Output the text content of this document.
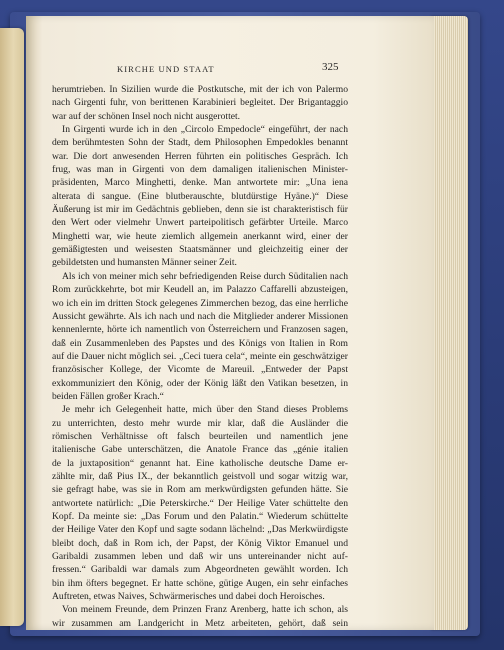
KIRCHE UND STAAT	325
herumtrieben. In Sizilien wurde die Postkutsche, mit der ich von Palermo
nach Girgenti fuhr, von berittenen Karabinieri begleitet. Der Brigantaggio
war auf der schönen Insel noch nicht ausgerottet.
In Girgenti wurde ich in den „Circolo Empedocle“ eingeführt, der nach
dem berühmtesten Sohn der Stadt, dem Philosophen Empedokles benannt
war. Die dort anwesenden Herren führten ein politisches Gespräch. Ich
frug, was man in Girgenti von dem damaligen italienischen Minister-
präsidenten, Marco Minghetti, denke. Man antwortete mir: „Una iena
alterata di sangue. (Eine blutberauschte, blutdürstige Hyäne.)“ Diese
Äußerung ist mir im Gedächtnis geblieben, denn sie ist charakteristisch für
den Wert oder vielmehr Unwert parteipolitisch gefärbter Urteile. Marco
Minghetti war, wie heute ziemlich allgemein anerkannt wird, einer der
gemäßigtesten und weisesten Staatsmänner und gleichzeitig einer der
gebildetsten und humansten Männer seiner Zeit.
Als ich von meiner mich sehr befriedigenden Reise durch Süditalien nach
Rom zurückkehrte, bot mir Keudell an, im Palazzo Caffarelli abzusteigen,
wo ich ein im dritten Stock gelegenes Zimmerchen bezog, das eine herrliche
Aussicht gewährte. Als ich nach und nach die Mitglieder anderer Missionen
kennenlernte, hörte ich namentlich von Österreichern und Franzosen sagen,
daß ein Zusammenleben des Papstes und des Königs von Italien in Rom
auf die Dauer nicht möglich sei. „Ceci tuera cela“, meinte ein geschwätziger
französischer Kollege, der Vicomte de Mareuil. „Entweder der Papst
exkommuniziert den König, oder der König läßt den Vatikan besetzen, in
beiden Fällen großer Krach.“
Je mehr ich Gelegenheit hatte, mich über den Stand dieses Problems
zu unterrichten, desto mehr wurde mir klar, daß die Ausländer die
römischen Verhältnisse oft falsch beurteilen und namentlich jene
italienische Gabe unterschätzen, die Anatole France das „génie italien
de la juxtaposition“ genannt hat. Eine katholische deutsche Dame er-
zählte mir, daß Pius IX., der bekanntlich geistvoll und sogar witzig war,
sie gefragt habe, was sie in Rom am merkwürdigsten gefunden hätte. Sie
antwortete natürlich: „Die Peterskirche.“ Der Heilige Vater schüttelte den
Kopf. Da meinte sie: „Das Forum und den Palatin.“ Wiederum schüttelte
der Heilige Vater den Kopf und sagte sodann lächelnd: „Das Merkwürdigste
bleibt doch, daß in Rom ich, der Papst, der König Viktor Emanuel und
Garibaldi zusammen leben und daß wir uns untereinander nicht auf-
fressen.“ Garibaldi war damals zum Abgeordneten gewählt worden. Ich
bin ihm öfters begegnet. Er hatte schöne, gütige Augen, ein sehr einfaches
Auftreten, etwas Naives, Schwärmerisches und dabei doch Heroisches.
Von meinem Freunde, dem Prinzen Franz Arenberg, hatte ich schon, als
wir zusammen am Landgericht in Metz arbeiteten, gehört, daß sein
